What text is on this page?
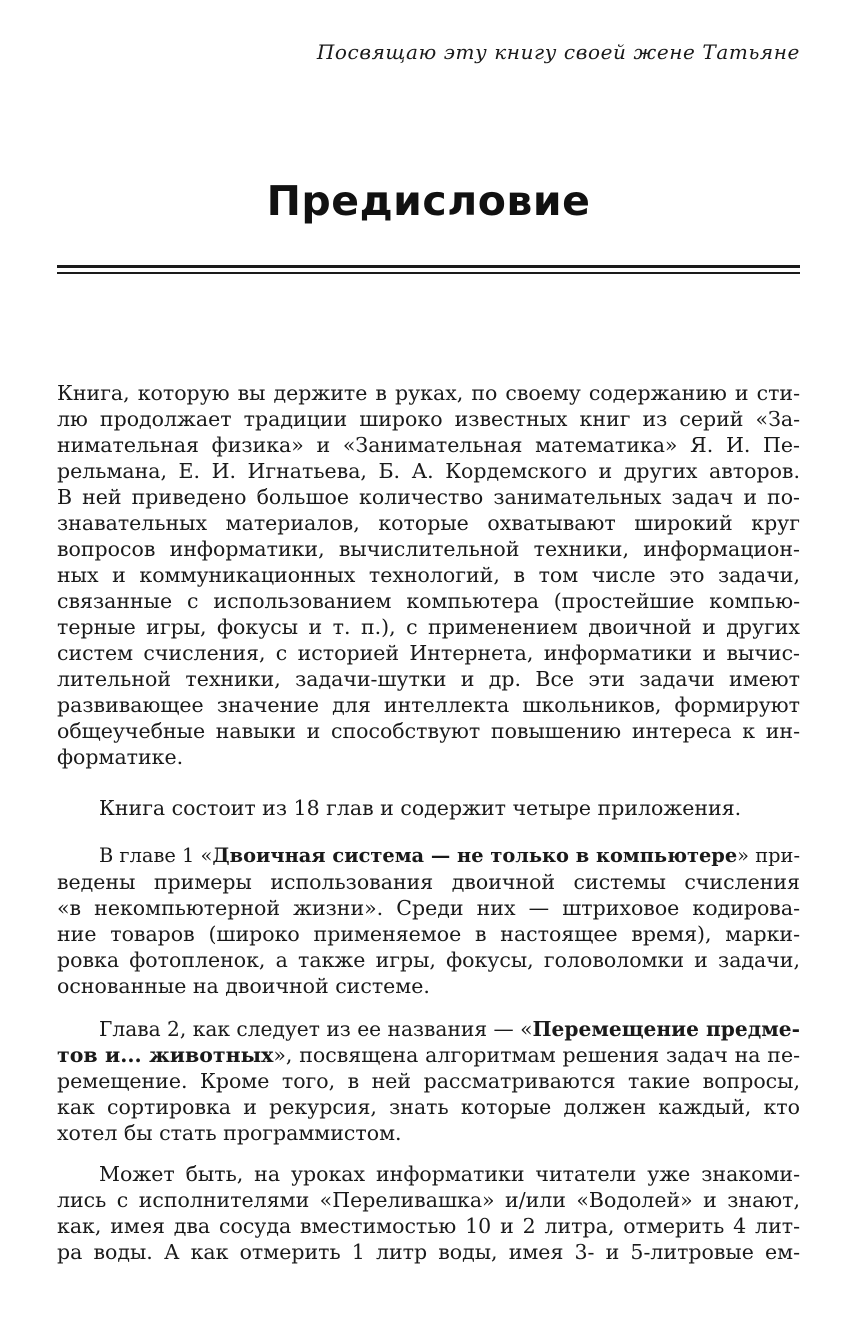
Посвящаю эту книгу своей жене Татьяне
Предисловие
Книга, которую вы держите в руках, по своему содержанию и сти-
лю продолжает традиции широко известных книг из серий «За-
нимательная физика» и «Занимательная математика» Я. И. Пе-
рельмана, Е. И. Игнатьева, Б. А. Кордемского и других авторов.
В ней приведено большое количество занимательных задач и по-
знавательных материалов, которые охватывают широкий круг
вопросов информатики, вычислительной техники, информацион-
ных и коммуникационных технологий, в том числе это задачи,
связанные с использованием компьютера (простейшие компью-
терные игры, фокусы и т. п.), с применением двоичной и других
систем счисления, с историей Интернета, информатики и вычис-
лительной техники, задачи-шутки и др. Все эти задачи имеют
развивающее значение для интеллекта школьников, формируют
общеучебные навыки и способствуют повышению интереса к ин-
форматике.
Книга состоит из 18 глав и содержит четыре приложения.
В главе 1 «Двоичная система — не только в компьютере» при-
ведены примеры использования двоичной системы счисления
«в некомпьютерной жизни». Среди них — штриховое кодирова-
ние товаров (широко применяемое в настоящее время), марки-
ровка фотопленок, а также игры, фокусы, головоломки и задачи,
основанные на двоичной системе.
Глава 2, как следует из ее названия — «Перемещение предме-
тов и... животных», посвящена алгоритмам решения задач на пе-
ремещение. Кроме того, в ней рассматриваются такие вопросы,
как сортировка и рекурсия, знать которые должен каждый, кто
хотел бы стать программистом.
Может быть, на уроках информатики читатели уже знакоми-
лись с исполнителями «Переливашка» и/или «Водолей» и знают,
как, имея два сосуда вместимостью 10 и 2 литра, отмерить 4 лит-
ра воды. А как отмерить 1 литр воды, имея 3- и 5-литровые ем-
